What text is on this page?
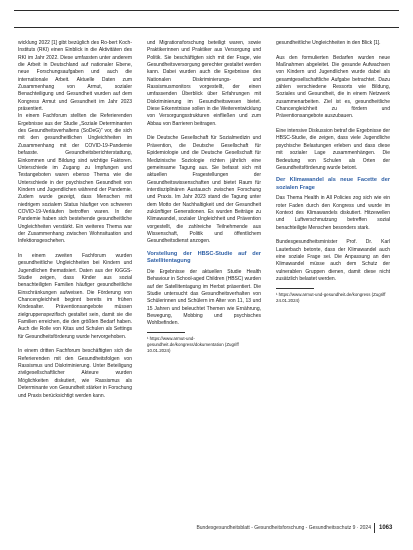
wicklung 2022 [1] gibt bezüglich des Ro-bert Koch-Instituts (RKI) einen Einblick in die Aktivitäten des RKI im Jahr 2022. Diese umfassten unter anderem die Arbeit in Deutschland auf nationaler Ebene, neue Forschungsaufgaben und auch die internationale Arbeit. Aktuelle Daten zum Zusammenhang von Armut, sozialer Benachteiligung und Gesundheit wurden auf dem Kongress Armut und Gesundheit im Jahr 2023 präsentiert.

In einem Fachforum stellten die Referierenden Ergebnisse aus der Studie „Soziale Determinanten des Gesundheitsverhaltens (SoDeG)“ vor, die sich mit den gesundheitlichen Ungleichheiten im Zusammenhang mit der COVID-19-Pandemie befasste. Gesundheitsberichterstattung, Einkommen und Bildung sind wichtige Faktoren. Unterschiede im Zugang zu Impfungen und Testangeboten waren ebenso Thema wie die Unterschiede in der psychischen Gesundheit von Kindern und Jugendlichen während der Pandemie. Zudem wurde gezeigt, dass Menschen mit niedrigem sozialem Status häufiger von schweren COVID-19-Verläufen betroffen waren. In der Pandemie haben sich bestehende gesundheitliche Ungleichheiten verstärkt. Ein weiteres Thema war der Zusammenhang zwischen Wohnsituation und Infektionsgeschehen.

In einem zweiten Fachforum wurden gesundheitliche Ungleichheiten bei Kindern und Jugendlichen thematisiert. Daten aus der KiGGS-Studie zeigen, dass Kinder aus sozial benachteiligten Familien häufiger gesundheitliche Einschränkungen aufweisen. Die Förderung von Chancengleichheit beginnt bereits im frühen Kindesalter. Präventionsangebote müssen zielgruppenspezifisch gestaltet sein, damit sie die Familien erreichen, die den größten Bedarf haben. Auch die Rolle von Kitas und Schulen als Settings für Gesundheitsförderung wurde hervorgehoben.

In einem dritten Fachforum beschäftigten sich die Referierenden mit den Gesundheitsfolgen von Rassismus und Diskriminierung. Unter Beteiligung zivilgesellschaftlicher Akteure wurden Möglichkeiten diskutiert, wie Rassismus als Determinante von Gesundheit stärker in Forschung und Praxis berücksichtigt werden kann.

und Migrationsforschung beteiligt waren, sowie Praktikerinnen und Praktiker aus Versorgung und Politik. Sie beschäftigten sich mit der Frage, wie Gesundheitsversorgung gerechter gestaltet werden kann. Dabei wurden auch die Ergebnisse des Nationalen Diskriminierungs- und Rassismusmonitors vorgestellt, der einen umfassenden Überblick über Erfahrungen mit Diskriminierung im Gesundheitswesen bietet. Diese Erkenntnisse sollen in die Weiterentwicklung von Versorgungsstrukturen einfließen und zum Abbau von Barrieren beitragen.

Die Deutsche Gesellschaft für Sozialmedizin und Prävention, die Deutsche Gesellschaft für Epidemiologie und die Deutsche Gesellschaft für Medizinische Soziologie richten jährlich eine gemeinsame Tagung aus. Sie befasst sich mit aktuellen Fragestellungen der Gesundheitswissenschaften und bietet Raum für interdisziplinären Austausch zwischen Forschung und Praxis. Im Jahr 2023 stand die Tagung unter dem Motto der Nachhaltigkeit und der Gesundheit zukünftiger Generationen. Es wurden Beiträge zu Klimawandel, sozialer Ungleichheit und Prävention vorgestellt, die zahlreiche Teilnehmende aus Wissenschaft, Politik und öffentlichem Gesundheitsdienst anzogen.

Vorstellung der HBSC-Studie auf der Satellitentagung

Die Ergebnisse der aktuellen Studie Health Behaviour in School-aged Children (HBSC) wurden auf der Satellitentagung im Herbst präsentiert. Die Studie untersucht das Gesundheitsverhalten von Schülerinnen und Schülern im Alter von 11, 13 und 15 Jahren und beleuchtet Themen wie Ernährung, Bewegung, Mobbing und psychisches Wohlbefinden.

¹ https://www.armut-und-gesundheit.de/kongress/dokumentation (Zugriff 10.01.2024)

gesundheitliche Ungleichheiten in den Blick [1].

Aus den formulierten Bedarfen wurden neue Maßnahmen abgeleitet. Die gesunde Aufwachsen von Kindern und Jugendlichen wurde dabei als gesamtgesellschaftliche Aufgabe betrachtet. Dazu zählen verschiedene Ressorts wie Bildung, Soziales und Gesundheit, die in einem Netzwerk zusammenarbeiten. Ziel ist es, gesundheitliche Chancengleichheit zu fördern und Präventionsangebote auszubauen.

Eine intensive Diskussion betraf die Ergebnisse der HBSC-Studie, die zeigen, dass viele Jugendliche psychische Belastungen erleben und dass diese mit sozialer Lage zusammenhängen. Die Bedeutung von Schulen als Orten der Gesundheitsförderung wurde betont.

Der Klimawandel als neue Facette der sozialen Frage

Das Thema Health in All Policies zog sich wie ein roter Faden durch den Kongress und wurde im Kontext des Klimawandels diskutiert. Hitzewellen und Luftverschmutzung betreffen sozial benachteiligte Menschen besonders stark.

Bundesgesundheitsminister Prof. Dr. Karl Lauterbach betonte, dass der Klimawandel auch eine soziale Frage sei. Die Anpassung an den Klimawandel müsse auch dem Schutz der vulnerablen Gruppen dienen, damit diese nicht zusätzlich belastet werden.

¹ https://www.armut-und-gesundheit.de/kongress (Zugriff 24.01.2024)
Bundesgesundheitsblatt - Gesundheitsforschung - Gesundheitsschutz 9 · 2024 1063
